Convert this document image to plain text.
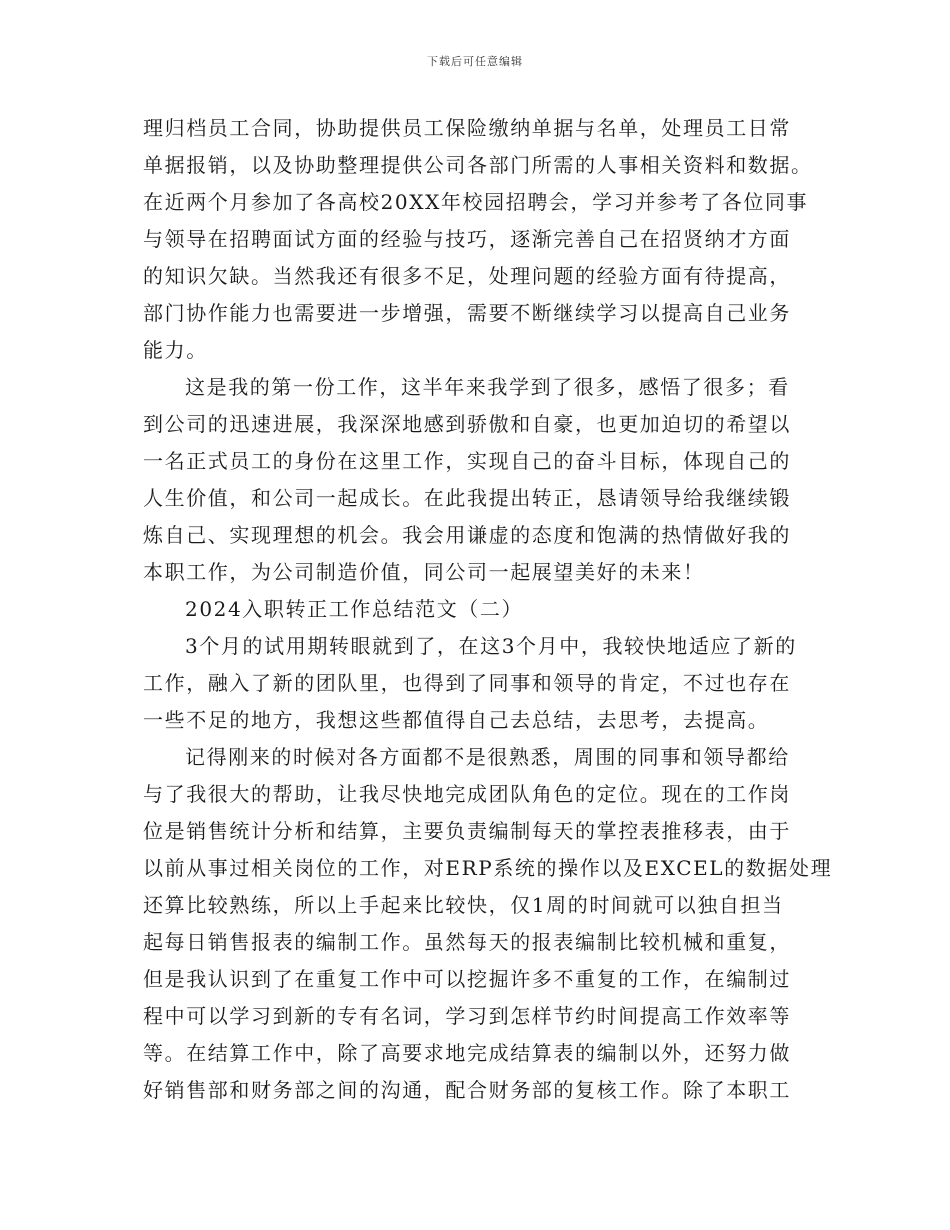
下载后可任意编辑
理归档员工合同，协助提供员工保险缴纳单据与名单，处理员工日常
单据报销，以及协助整理提供公司各部门所需的人事相关资料和数据。
在近两个月参加了各高校20XX年校园招聘会，学习并参考了各位同事
与领导在招聘面试方面的经验与技巧，逐渐完善自己在招贤纳才方面
的知识欠缺。当然我还有很多不足，处理问题的经验方面有待提高，
部门协作能力也需要进一步增强，需要不断继续学习以提高自己业务
能力。
这是我的第一份工作，这半年来我学到了很多，感悟了很多；看
到公司的迅速进展，我深深地感到骄傲和自豪，也更加迫切的希望以
一名正式员工的身份在这里工作，实现自己的奋斗目标，体现自己的
人生价值，和公司一起成长。在此我提出转正，恳请领导给我继续锻
炼自己、实现理想的机会。我会用谦虚的态度和饱满的热情做好我的
本职工作，为公司制造价值，同公司一起展望美好的未来！
2024入职转正工作总结范文（二）
3个月的试用期转眼就到了，在这3个月中，我较快地适应了新的
工作，融入了新的团队里，也得到了同事和领导的肯定，不过也存在
一些不足的地方，我想这些都值得自己去总结，去思考，去提高。
记得刚来的时候对各方面都不是很熟悉，周围的同事和领导都给
与了我很大的帮助，让我尽快地完成团队角色的定位。现在的工作岗
位是销售统计分析和结算，主要负责编制每天的掌控表推移表，由于
以前从事过相关岗位的工作，对ERP系统的操作以及EXCEL的数据处理
还算比较熟练，所以上手起来比较快，仅1周的时间就可以独自担当
起每日销售报表的编制工作。虽然每天的报表编制比较机械和重复，
但是我认识到了在重复工作中可以挖掘许多不重复的工作，在编制过
程中可以学习到新的专有名词，学习到怎样节约时间提高工作效率等
等。在结算工作中，除了高要求地完成结算表的编制以外，还努力做
好销售部和财务部之间的沟通，配合财务部的复核工作。除了本职工
